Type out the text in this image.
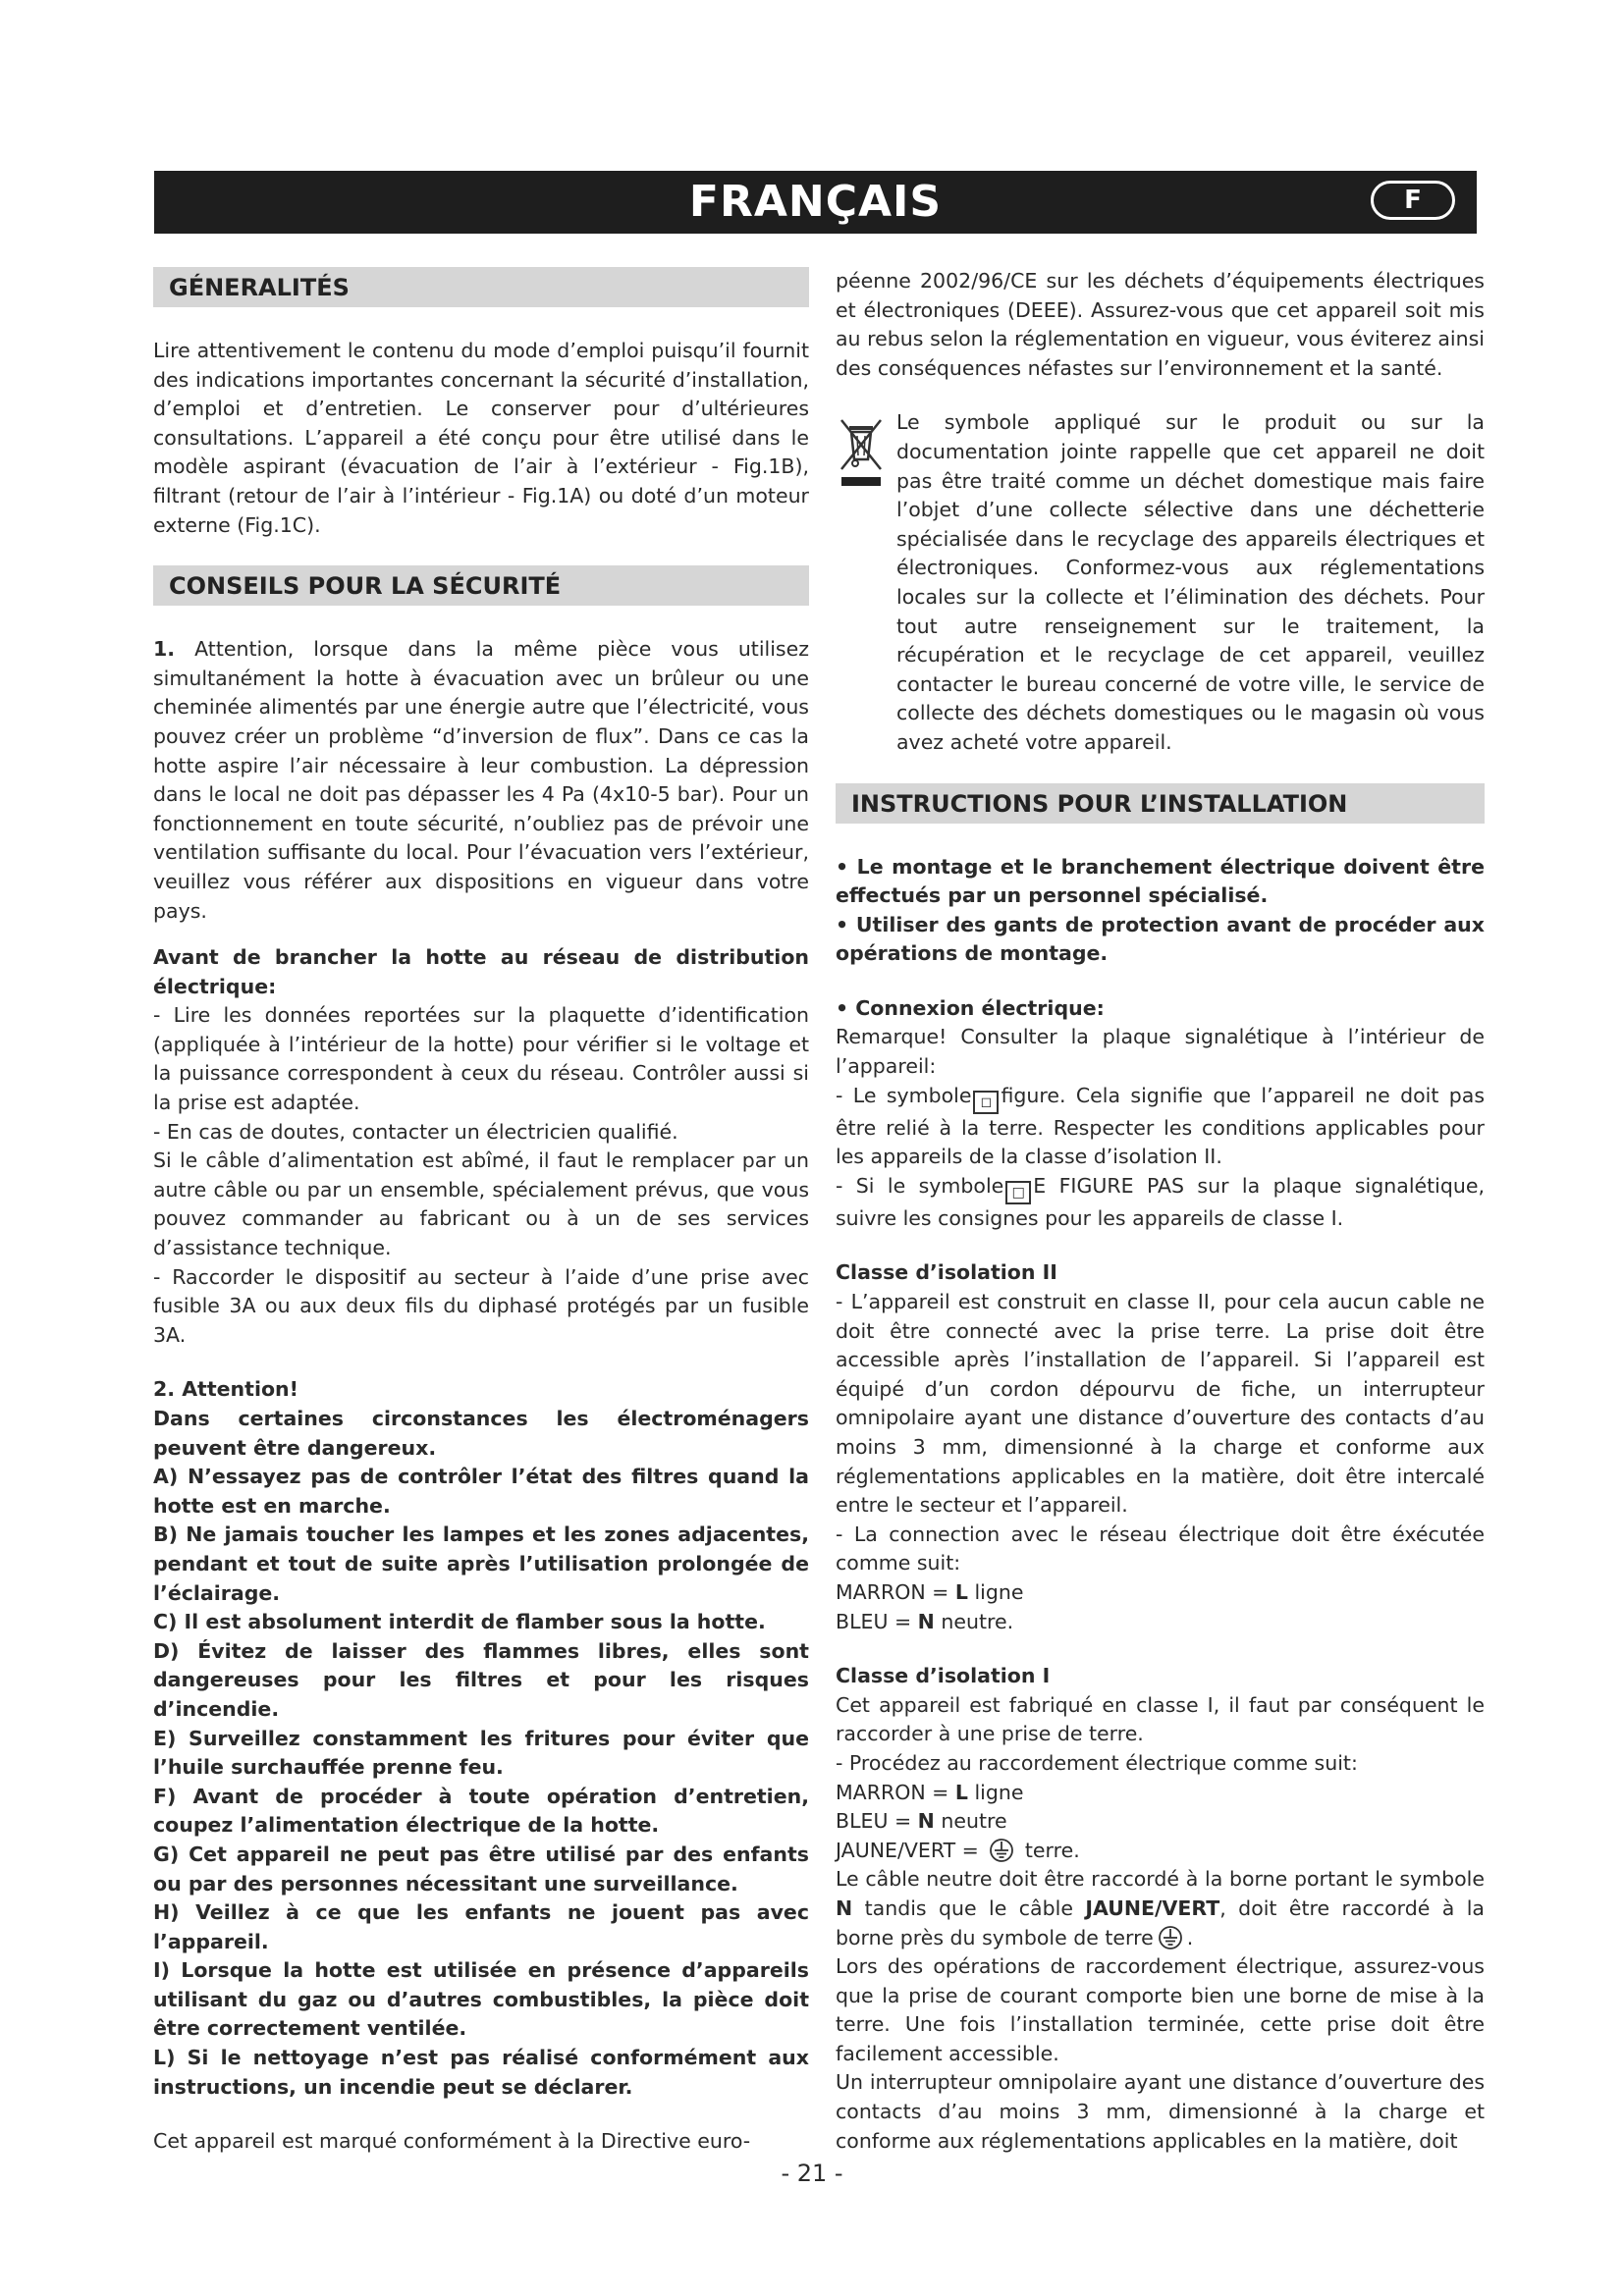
FRANÇAIS	F
GÉNERALITÉS

Lire attentivement le contenu du mode d’emploi puisqu’il fournit des indications importantes concernant la sécurité d’installation, d’emploi et d’entretien. Le conserver pour d’ultérieures consultations. L’appareil a été conçu pour être utilisé dans le modèle aspirant (évacuation de l’air à l’extérieur - Fig.1B), filtrant (retour de l’air à l’intérieur - Fig.1A) ou doté d’un moteur externe (Fig.1C).

CONSEILS POUR LA SÉCURITÉ

1. Attention, lorsque dans la même pièce vous utilisez simultanément la hotte à évacuation avec un brûleur ou une cheminée alimentés par une énergie autre que l’électricité, vous pouvez créer un problème “d’inversion de flux”. Dans ce cas la hotte aspire l’air nécessaire à leur combustion. La dépression dans le local ne doit pas dépasser les 4 Pa (4x10-5 bar). Pour un fonctionnement en toute sécurité, n’oubliez pas de prévoir une ventilation suffisante du local. Pour l’évacuation vers l’extérieur, veuillez vous référer aux dispositions en vigueur dans votre pays.

Avant de brancher la hotte au réseau de distribution électrique:

- Lire les données reportées sur la plaquette d’identification (appliquée à l’intérieur de la hotte) pour vérifier si le voltage et la puissance correspondent à ceux du réseau. Contrôler aussi si la prise est adaptée.

- En cas de doutes, contacter un électricien qualifié.

Si le câble d’alimentation est abîmé, il faut le remplacer par un autre câble ou par un ensemble, spécialement prévus, que vous pouvez commander au fabricant ou à un de ses services d’assistance technique.

- Raccorder le dispositif au secteur à l’aide d’une prise avec fusible 3A ou aux deux fils du diphasé protégés par un fusible 3A.

2. Attention!

Dans certaines circonstances les électroménagers peuvent être dangereux.

A) N’essayez pas de contrôler l’état des filtres quand la hotte est en marche.

B) Ne jamais toucher les lampes et les zones adjacentes, pendant et tout de suite après l’utilisation prolongée de l’éclairage.

C) Il est absolument interdit de flamber sous la hotte.

D) Évitez de laisser des flammes libres, elles sont dangereuses pour les filtres et pour les risques d’incendie.

E) Surveillez constamment les fritures pour éviter que l’huile surchauffée prenne feu.

F) Avant de procéder à toute opération d’entretien, coupez l’alimentation électrique de la hotte.

G) Cet appareil ne peut pas être utilisé par des enfants ou par des personnes nécessitant une surveillance.

H) Veillez à ce que les enfants ne jouent pas avec l’appareil.

I) Lorsque la hotte est utilisée en présence d’appareils utilisant du gaz ou d’autres combustibles, la pièce doit être correctement ventilée.

L) Si le nettoyage n’est pas réalisé conformément aux instructions, un incendie peut se déclarer.

Cet appareil est marqué conformément à la Directive euro-

péenne 2002/96/CE sur les déchets d’équipements électriques et électroniques (DEEE). Assurez-vous que cet appareil soit mis au rebus selon la réglementation en vigueur, vous éviterez ainsi des conséquences néfastes sur l’environnement et la santé.

Le symbole appliqué sur le produit ou sur la documentation jointe rappelle que cet appareil ne doit pas être traité comme un déchet domestique mais faire l’objet d’une collecte sélective dans une déchetterie spécialisée dans le recyclage des appareils électriques et électroniques. Conformez-vous aux réglementations locales sur la collecte et l’élimination des déchets. Pour tout autre renseignement sur le traitement, la récupération et le recyclage de cet appareil, veuillez contacter le bureau concerné de votre ville, le service de collecte des déchets domestiques ou le magasin où vous avez acheté votre appareil.

INSTRUCTIONS POUR L’INSTALLATION

• Le montage et le branchement électrique doivent être effectués par un personnel spécialisé.

• Utiliser des gants de protection avant de procéder aux opérations de montage.

• Connexion électrique:

Remarque! Consulter la plaque signalétique à l’intérieur de l’appareil:

- Le symbole ◻ figure. Cela signifie que l’appareil ne doit pas être relié à la terre. Respecter les conditions applicables pour les appareils de la classe d’isolation II.

- Si le symbole □ E FIGURE PAS sur la plaque signalétique, suivre les consignes pour les appareils de classe I.

Classe d’isolation II

- L’appareil est construit en classe II, pour cela aucun cable ne doit être connecté avec la prise terre. La prise doit être accessible après l’installation de l’appareil. Si l’appareil est équipé d’un cordon dépourvu de fiche, un interrupteur omnipolaire ayant une distance d’ouverture des contacts d’au moins 3 mm, dimensionné à la charge et conforme aux réglementations applicables en la matière, doit être intercalé entre le secteur et l’appareil.

- La connection avec le réseau électrique doit être éxécutée comme suit:

MARRON = L ligne

BLEU = N neutre.

Classe d’isolation I

Cet appareil est fabriqué en classe I, il faut par conséquent le raccorder à une prise de terre.

- Procédez au raccordement électrique comme suit:

MARRON = L ligne

BLEU = N neutre

JAUNE/VERT =  terre.

Le câble neutre doit être raccordé à la borne portant le symbole N tandis que le câble JAUNE/VERT, doit être raccordé à la borne près du symbole de terre .

Lors des opérations de raccordement électrique, assurez-vous que la prise de courant comporte bien une borne de mise à la terre. Une fois l’installation terminée, cette prise doit être facilement accessible.

Un interrupteur omnipolaire ayant une distance d’ouverture des contacts d’au moins 3 mm, dimensionné à la charge et conforme aux réglementations applicables en la matière, doit

- 21 -
